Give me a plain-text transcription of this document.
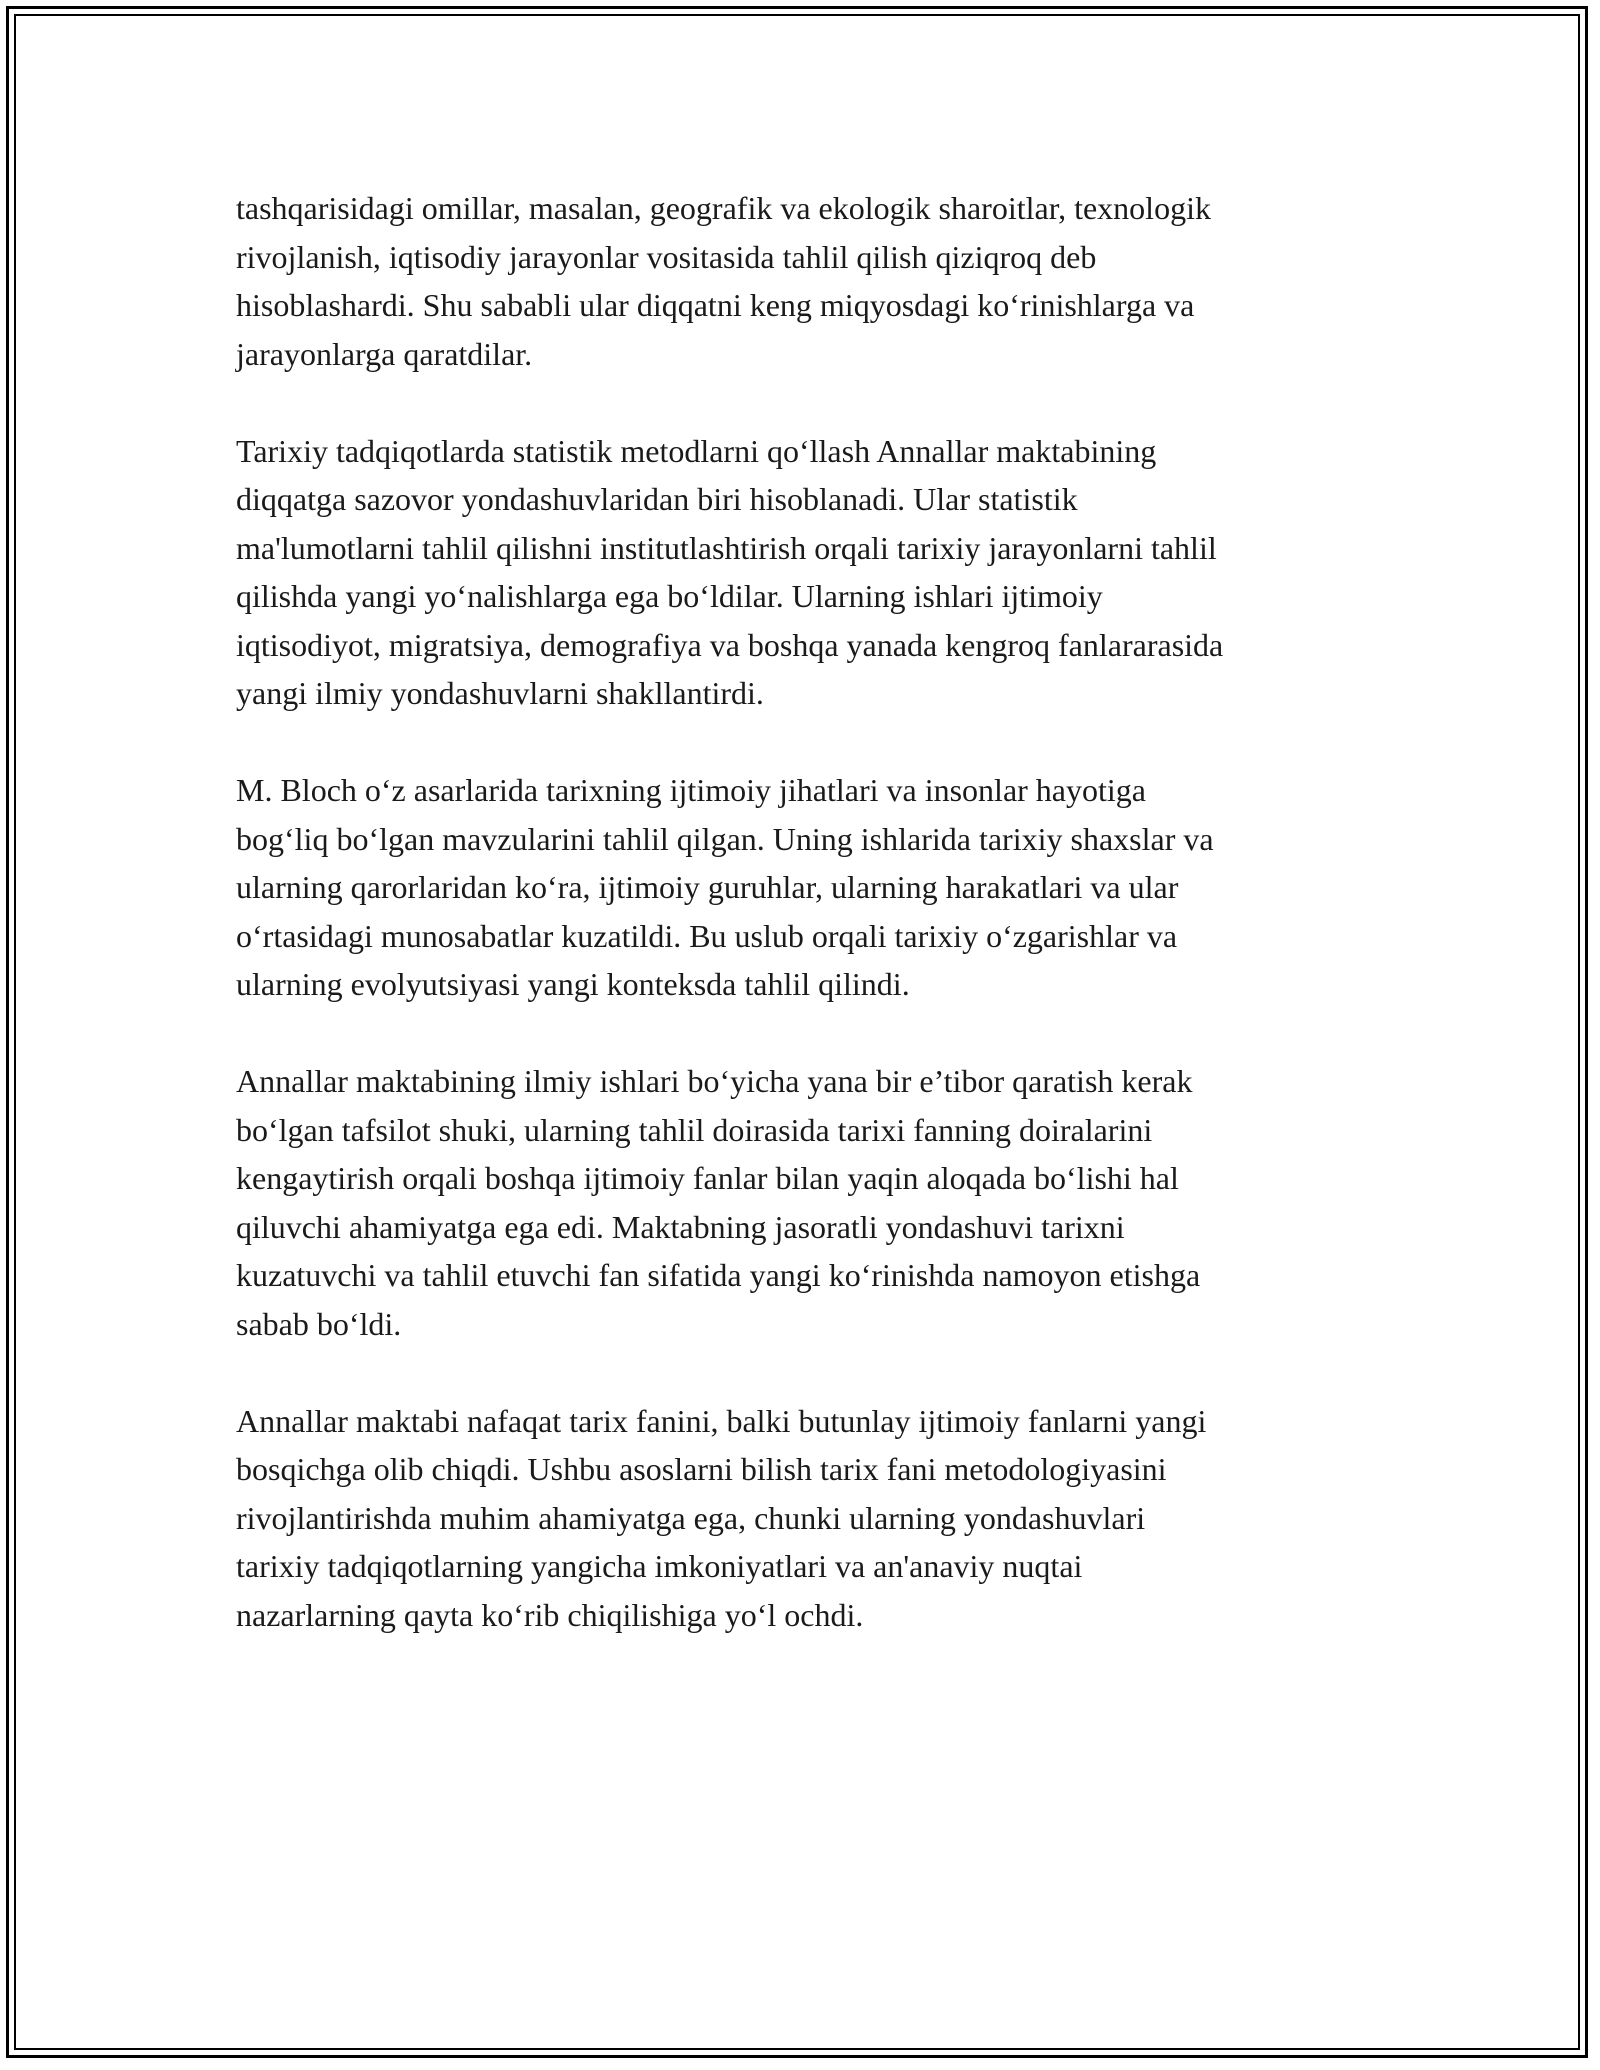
tashqarisidagi omillar, masalan, geografik va ekologik sharoitlar, texnologik
rivojlanish, iqtisodiy jarayonlar vositasida tahlil qilish qiziqroq deb
hisoblashardi. Shu sababli ular diqqatni keng miqyosdagi ko‘rinishlarga va
jarayonlarga qaratdilar.

Tarixiy tadqiqotlarda statistik metodlarni qo‘llash Annallar maktabining
diqqatga sazovor yondashuvlaridan biri hisoblanadi. Ular statistik
ma'lumotlarni tahlil qilishni institutlashtirish orqali tarixiy jarayonlarni tahlil
qilishda yangi yo‘nalishlarga ega bo‘ldilar. Ularning ishlari ijtimoiy
iqtisodiyot, migratsiya, demografiya va boshqa yanada kengroq fanlararasida
yangi ilmiy yondashuvlarni shakllantirdi.

M. Bloch o‘z asarlarida tarixning ijtimoiy jihatlari va insonlar hayotiga
bog‘liq bo‘lgan mavzularini tahlil qilgan. Uning ishlarida tarixiy shaxslar va
ularning qarorlaridan ko‘ra, ijtimoiy guruhlar, ularning harakatlari va ular
o‘rtasidagi munosabatlar kuzatildi. Bu uslub orqali tarixiy o‘zgarishlar va
ularning evolyutsiyasi yangi konteksda tahlil qilindi.

Annallar maktabining ilmiy ishlari bo‘yicha yana bir e’tibor qaratish kerak
bo‘lgan tafsilot shuki, ularning tahlil doirasida tarixi fanning doiralarini
kengaytirish orqali boshqa ijtimoiy fanlar bilan yaqin aloqada bo‘lishi hal
qiluvchi ahamiyatga ega edi. Maktabning jasoratli yondashuvi tarixni
kuzatuvchi va tahlil etuvchi fan sifatida yangi ko‘rinishda namoyon etishga
sabab bo‘ldi.

Annallar maktabi nafaqat tarix fanini, balki butunlay ijtimoiy fanlarni yangi
bosqichga olib chiqdi. Ushbu asoslarni bilish tarix fani metodologiyasini
rivojlantirishda muhim ahamiyatga ega, chunki ularning yondashuvlari
tarixiy tadqiqotlarning yangicha imkoniyatlari va an'anaviy nuqtai
nazarlarning qayta ko‘rib chiqilishiga yo‘l ochdi.
